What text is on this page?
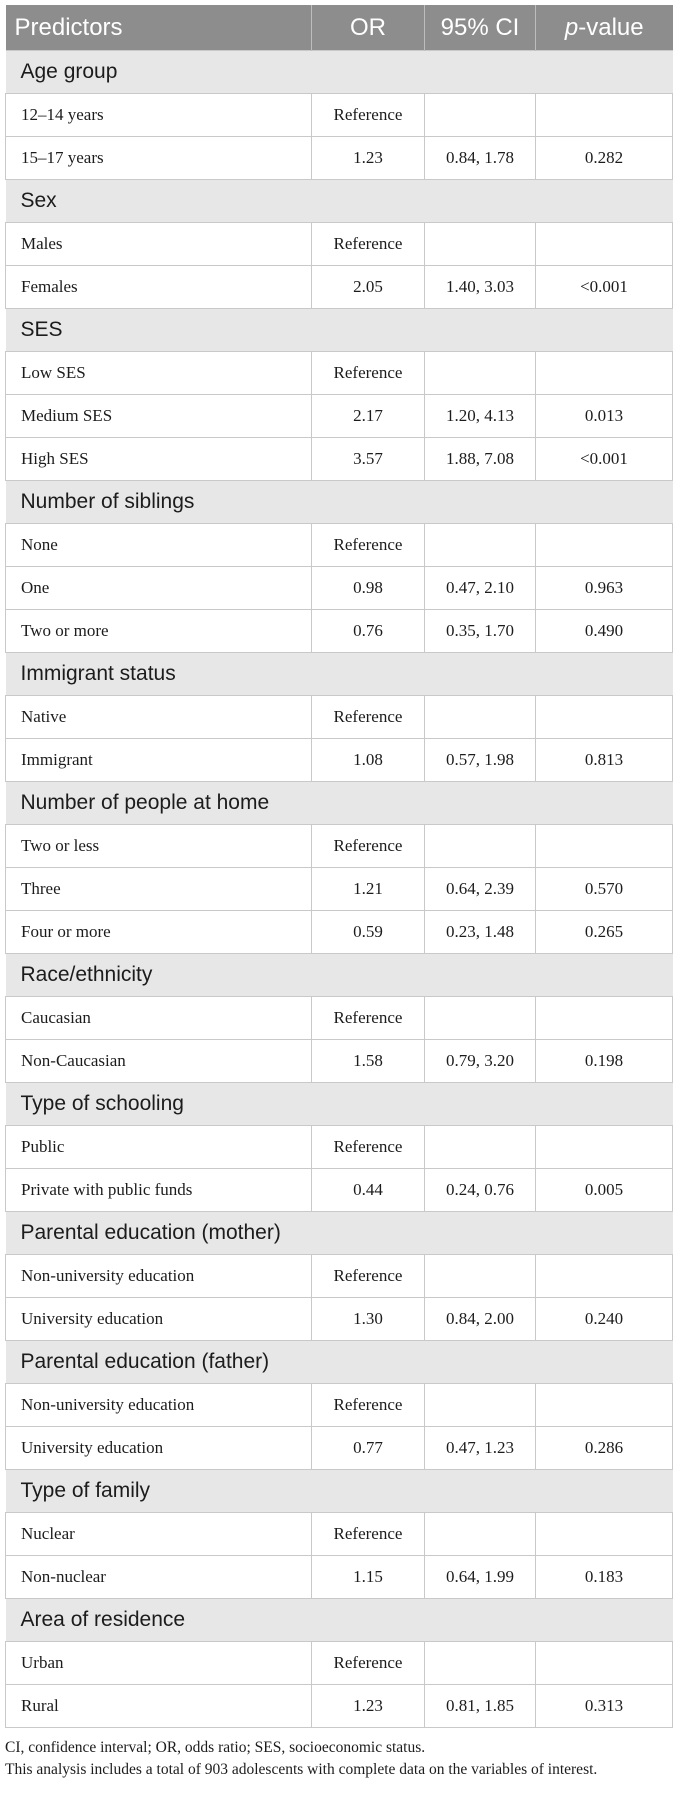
Predictors	OR	95% CI	p-value
Age group			
12–14 years	Reference		
15–17 years	1.23	0.84, 1.78	0.282
Sex			
Males	Reference		
Females	2.05	1.40, 3.03	<0.001
SES			
Low SES	Reference		
Medium SES	2.17	1.20, 4.13	0.013
High SES	3.57	1.88, 7.08	<0.001
Number of siblings			
None	Reference		
One	0.98	0.47, 2.10	0.963
Two or more	0.76	0.35, 1.70	0.490
Immigrant status			
Native	Reference		
Immigrant	1.08	0.57, 1.98	0.813
Number of people at home			
Two or less	Reference		
Three	1.21	0.64, 2.39	0.570
Four or more	0.59	0.23, 1.48	0.265
Race/ethnicity			
Caucasian	Reference		
Non-Caucasian	1.58	0.79, 3.20	0.198
Type of schooling			
Public	Reference		
Private with public funds	0.44	0.24, 0.76	0.005
Parental education (mother)			
Non-university education	Reference		
University education	1.30	0.84, 2.00	0.240
Parental education (father)			
Non-university education	Reference		
University education	0.77	0.47, 1.23	0.286
Type of family			
Nuclear	Reference		
Non-nuclear	1.15	0.64, 1.99	0.183
Area of residence			
Urban	Reference		
Rural	1.23	0.81, 1.85	0.313
CI, confidence interval; OR, odds ratio; SES, socioeconomic status.
This analysis includes a total of 903 adolescents with complete data on the variables of interest.
